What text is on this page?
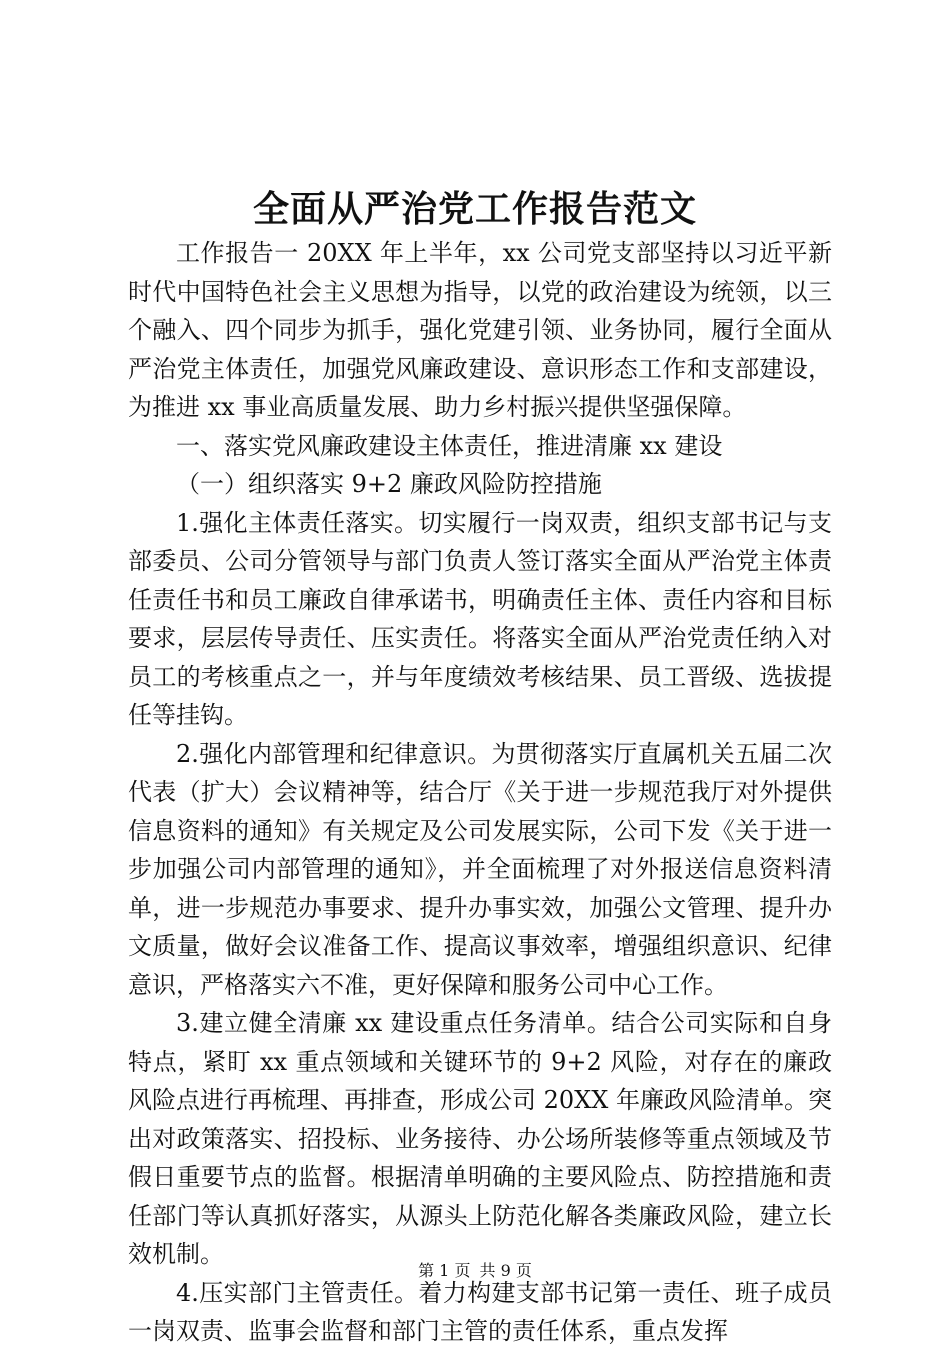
全面从严治党工作报告范文

工作报告一 20XX 年上半年，xx 公司党支部坚持以习近平新时代中国特色社会主义思想为指导，以党的政治建设为统领，以三个融入、四个同步为抓手，强化党建引领、业务协同，履行全面从严治党主体责任，加强党风廉政建设、意识形态工作和支部建设，为推进 xx 事业高质量发展、助力乡村振兴提供坚强保障。

一、落实党风廉政建设主体责任，推进清廉 xx 建设

（一）组织落实 9+2 廉政风险防控措施

1.强化主体责任落实。切实履行一岗双责，组织支部书记与支部委员、公司分管领导与部门负责人签订落实全面从严治党主体责任责任书和员工廉政自律承诺书，明确责任主体、责任内容和目标要求，层层传导责任、压实责任。将落实全面从严治党责任纳入对员工的考核重点之一，并与年度绩效考核结果、员工晋级、选拔提任等挂钩。

2.强化内部管理和纪律意识。为贯彻落实厅直属机关五届二次代表（扩大）会议精神等，结合厅《关于进一步规范我厅对外提供信息资料的通知》有关规定及公司发展实际，公司下发《关于进一步加强公司内部管理的通知》，并全面梳理了对外报送信息资料清单，进一步规范办事要求、提升办事实效，加强公文管理、提升办文质量，做好会议准备工作、提高议事效率，增强组织意识、纪律意识，严格落实六不准，更好保障和服务公司中心工作。

3.建立健全清廉 xx 建设重点任务清单。结合公司实际和自身特点，紧盯 xx 重点领域和关键环节的 9+2 风险，对存在的廉政风险点进行再梳理、再排查，形成公司 20XX 年廉政风险清单。突出对政策落实、招投标、业务接待、办公场所装修等重点领域及节假日重要节点的监督。根据清单明确的主要风险点、防控措施和责任部门等认真抓好落实，从源头上防范化解各类廉政风险，建立长效机制。

4.压实部门主管责任。着力构建支部书记第一责任、班子成员一岗双责、监事会监督和部门主管的责任体系，重点发挥

第 1 页 共 9 页
